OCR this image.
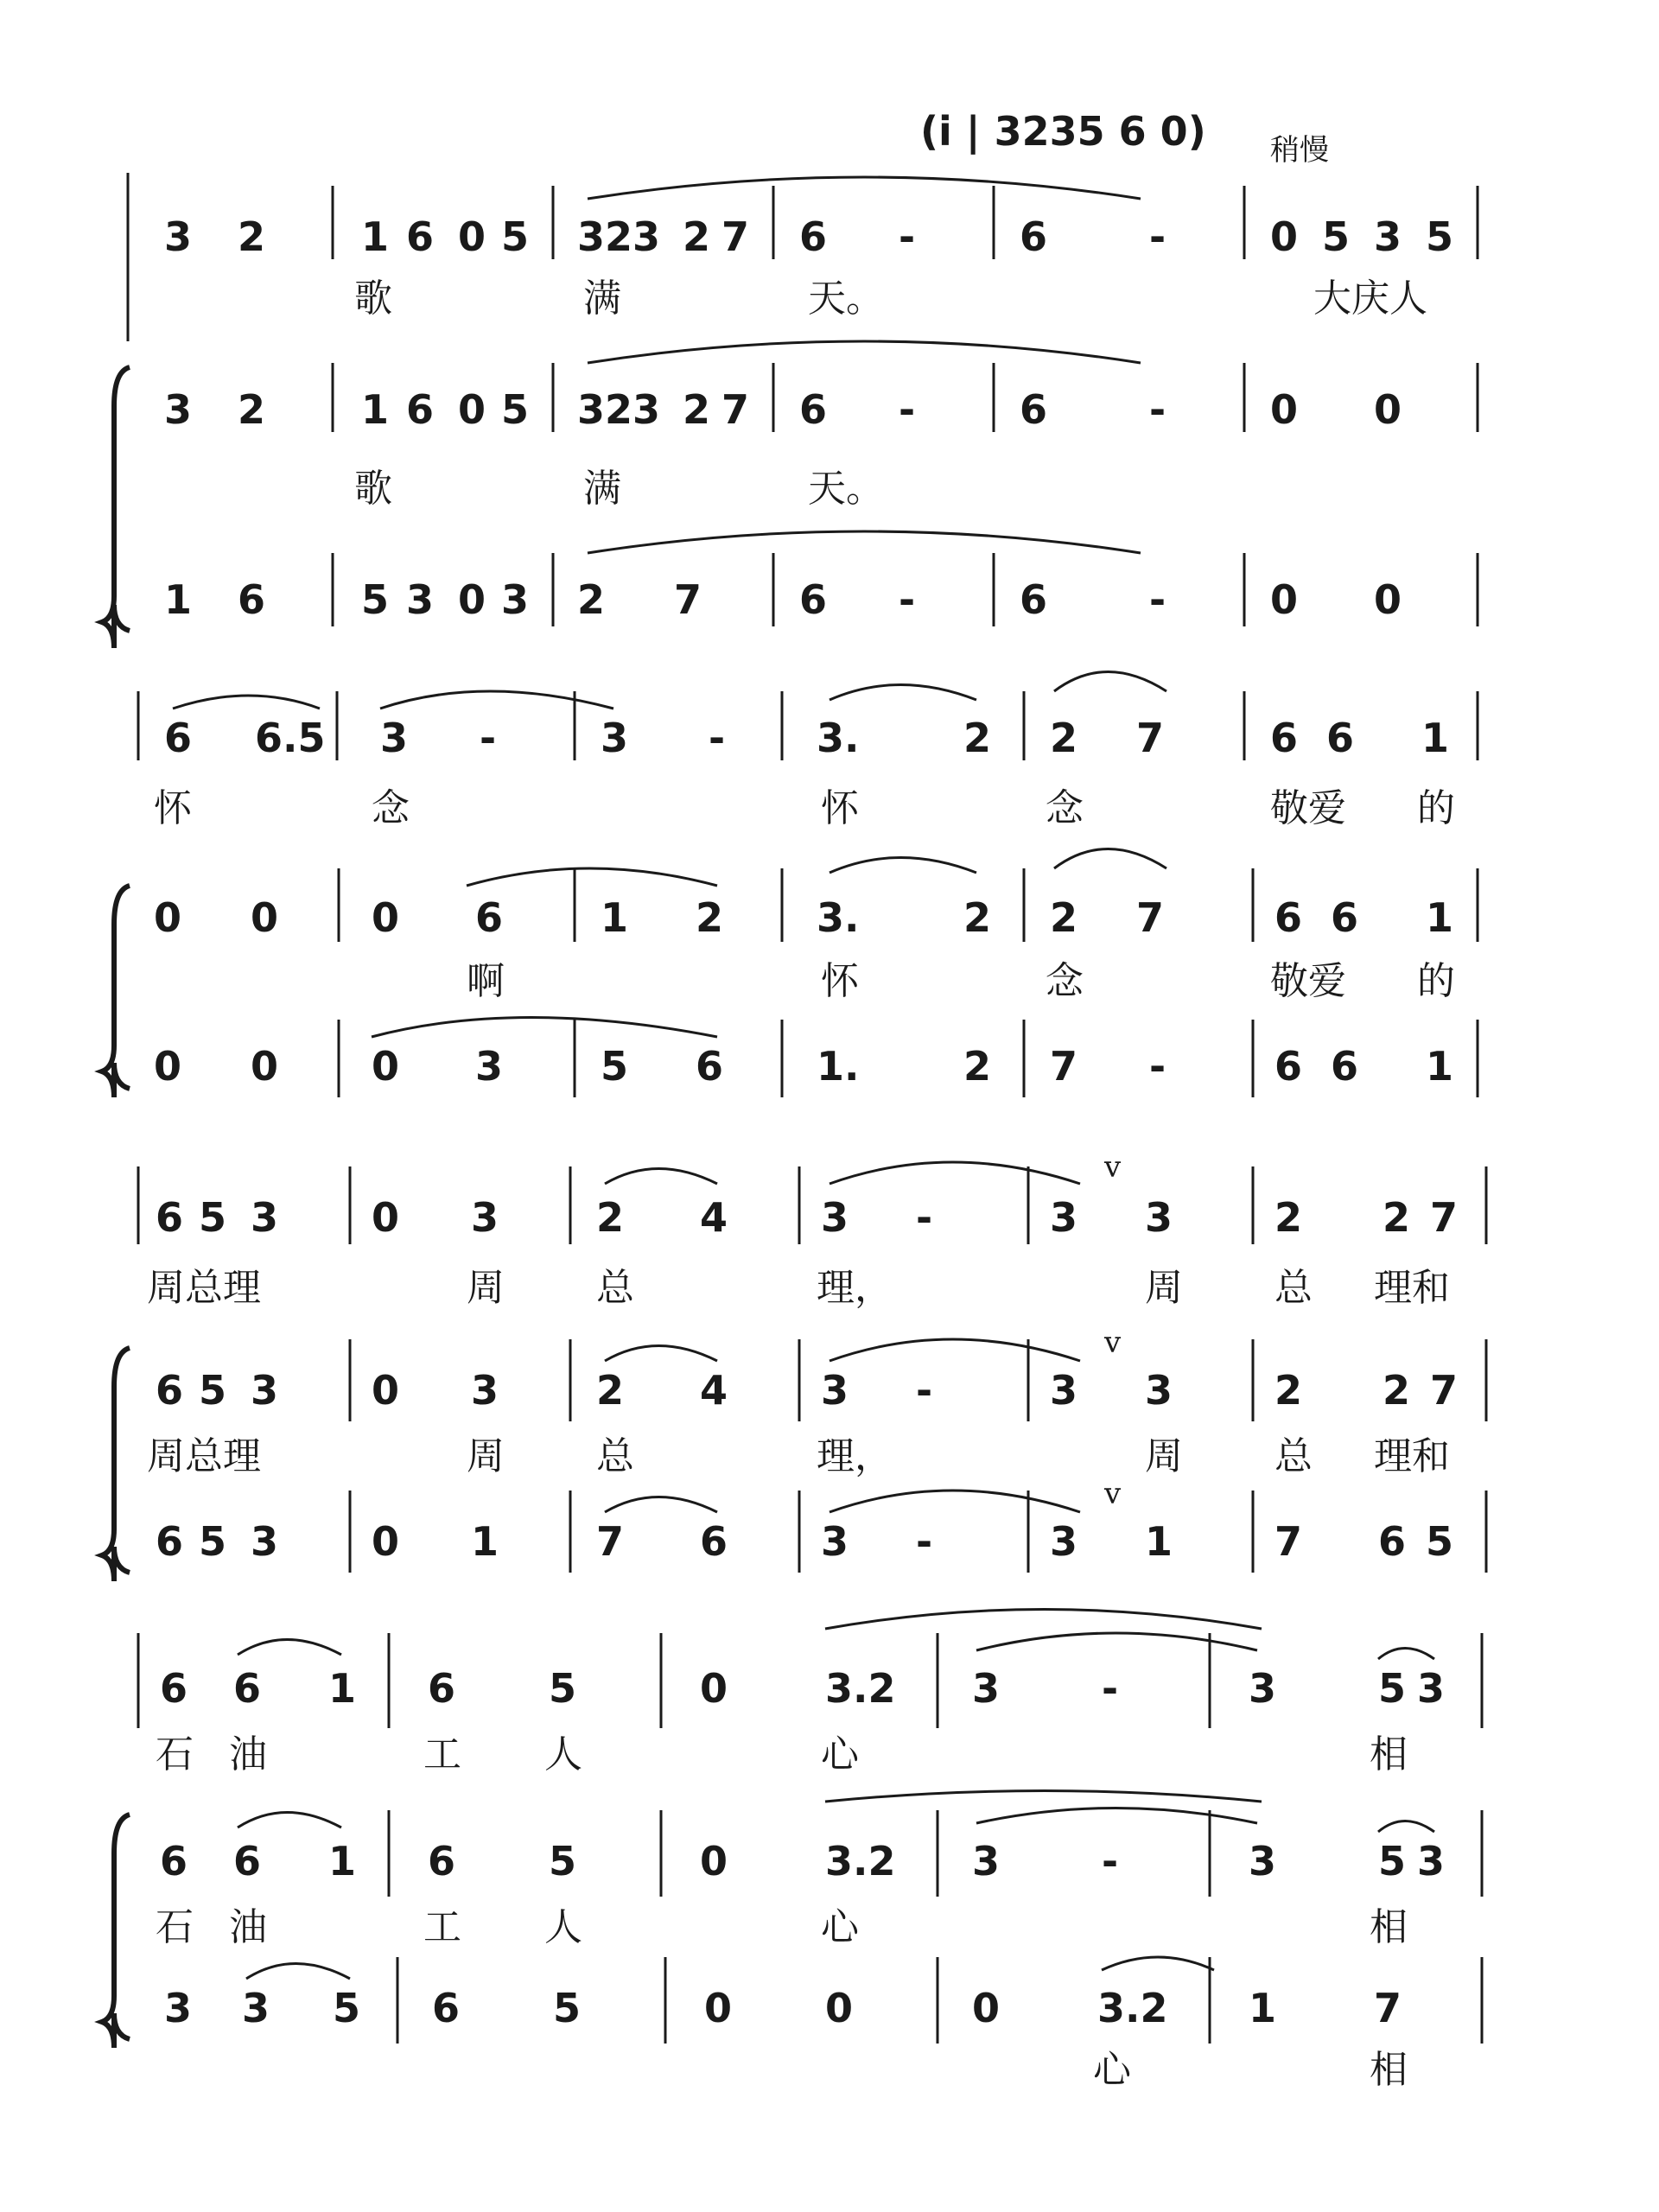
(i | 3235 6 0) 稍慢
3 2 1 6 0 5 3 2 3 2 7 6 -	6	-	0 5 3 5
歌	满	天。	大庆人
3 2 1 6 0 5 3 2 3 2 7 6 -	6	-	0 0
歌	满	天。
1 6 5 3 0 3 2 7 6 -	6	-	0 0
6 6.5 3 -	3 - 3.	2 2 7	6 6 1
怀	念	怀	念	敬爱 的
0 0 0 6 1 2 3.	2 2 7	6 6 1
啊	怀	念	敬爱 的
0 0 0 3 5 6 1.	2 7 -	6 6 1
6 5 3 0 3 2 4 3 -	3 3	2 2 7
v
周总理	周 总	理，	周 总 理和
6 5 3 0 3 2 4 3 -	3 3	2 2 7
v
周总理	周 总	理，	周 总 理和
6 5 3 0 1 7 6 3 -	3 1	7 6 5
v
6 6 1 6 5	0 3.2 3	-	3	5 3
石 油	工 人	心	相
6 6 1 6 5	0 3.2 3	-	3	5 3
石 油	工 人	心	相
3 3 5 6 5	0 0	0 3.2 1 7
心	相
